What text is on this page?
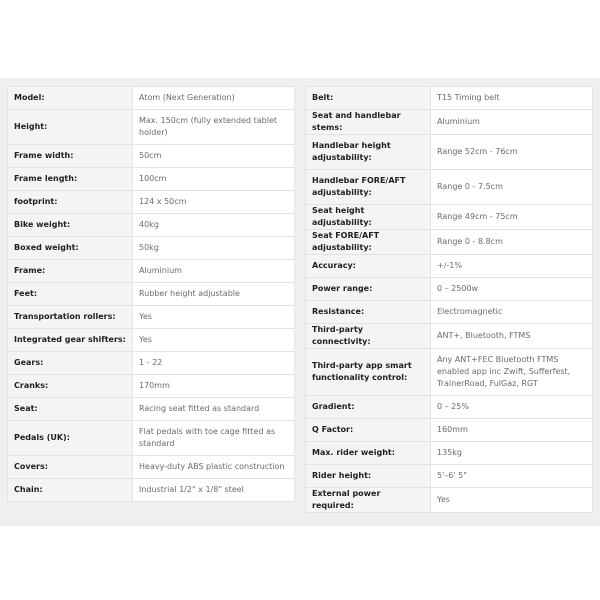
Model:	Atom (Next Generation)
Height:	Max. 150cm (fully extended tablet holder)
Frame width:	50cm
Frame length:	100cm
footprint:	124 x 50cm
Bike weight:	40kg
Boxed weight:	50kg
Frame:	Aluminium
Feet:	Rubber height adjustable
Transportation rollers:	Yes
Integrated gear shifters:	Yes
Gears:	1 - 22
Cranks:	170mm
Seat:	Racing seat fitted as standard
Pedals (UK):	Flat pedals with toe cage fitted as standard
Covers:	Heavy-duty ABS plastic construction
Chain:	Industrial 1/2" x 1/8" steel
Belt:	T15 Timing belt
Seat and handlebar stems:	Aluminium
Handlebar height adjustability:	Range 52cm - 76cm
Handlebar FORE/AFT adjustability:	Range 0 - 7.5cm
Seat height adjustability:	Range 49cm - 75cm
Seat FORE/AFT adjustability:	Range 0 - 8.8cm
Accuracy:	+/-1%
Power range:	0 – 2500w
Resistance:	Electromagnetic
Third-party connectivity:	ANT+, Bluetooth, FTMS
Third-party app smart functionality control:	Any ANT+FEC Bluetooth FTMS enabled app inc Zwift, Sufferfest, TrainerRoad, FulGaz, RGT
Gradient:	0 – 25%
Q Factor:	160mm
Max. rider weight:	135kg
Rider height:	5'–6' 5"
External power required:	Yes
